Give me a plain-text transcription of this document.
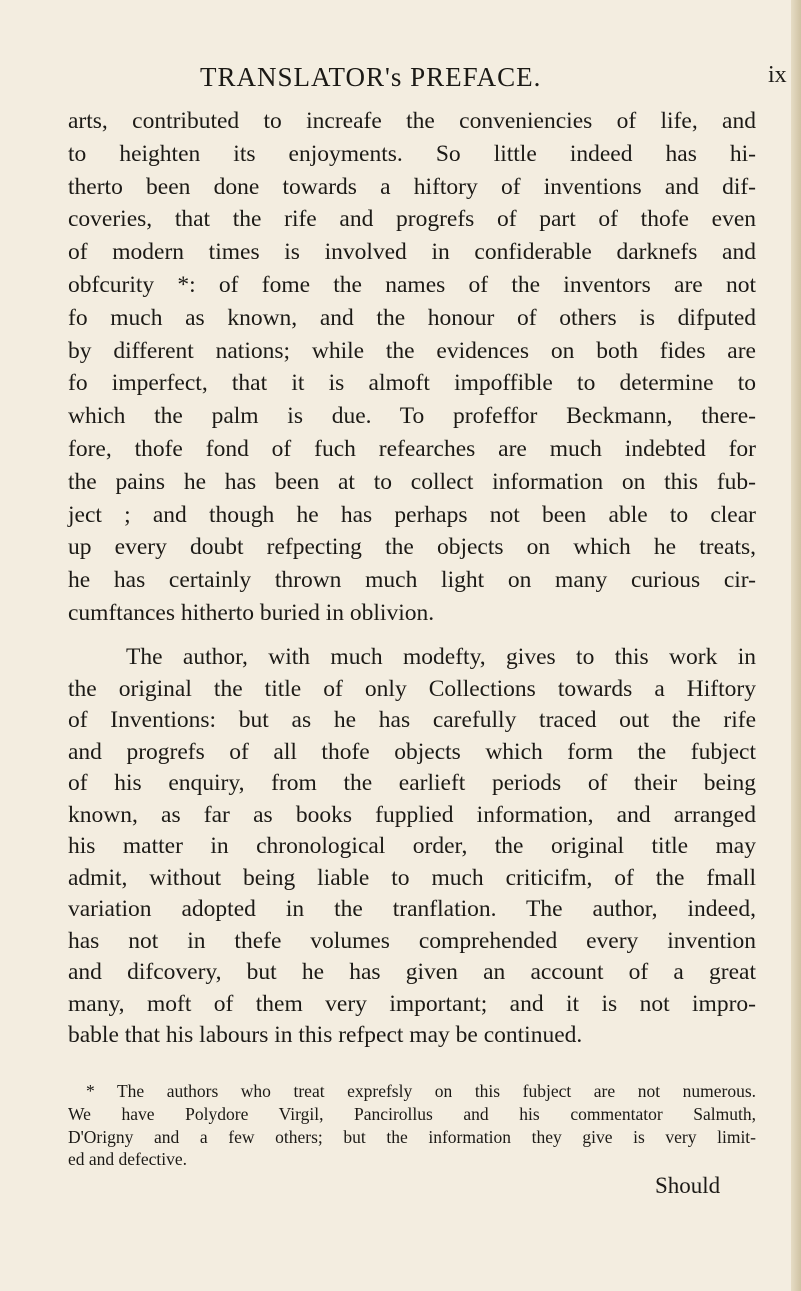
TRANSLATOR's PREFACE.	ix
arts, contributed to increafe the conveniencies of life, and
to heighten its enjoyments. So little indeed has hi-
therto been done towards a hiftory of inventions and dif-
coveries, that the rife and progrefs of part of thofe even
of modern times is involved in confiderable darknefs and
obfcurity *: of fome the names of the inventors are not
fo much as known, and the honour of others is difputed
by different nations; while the evidences on both fides are
fo imperfect, that it is almoft impoffible to determine to
which the palm is due. To profeffor Beckmann, there-
fore, thofe fond of fuch refearches are much indebted for
the pains he has been at to collect information on this fub-
ject ; and though he has perhaps not been able to clear
up every doubt refpecting the objects on which he treats,
he has certainly thrown much light on many curious cir-
cumftances hitherto buried in oblivion.
The author, with much modefty, gives to this work in
the original the title of only Collections towards a Hiftory
of Inventions: but as he has carefully traced out the rife
and progrefs of all thofe objects which form the fubject
of his enquiry, from the earlieft periods of their being
known, as far as books fupplied information, and arranged
his matter in chronological order, the original title may
admit, without being liable to much criticifm, of the fmall
variation adopted in the tranflation. The author, indeed,
has not in thefe volumes comprehended every invention
and difcovery, but he has given an account of a great
many, moft of them very important; and it is not impro-
bable that his labours in this refpect may be continued.
* The authors who treat exprefsly on this fubject are not numerous.
We have Polydore Virgil, Pancirollus and his commentator Salmuth,
D'Origny and a few others; but the information they give is very limit-
ed and defective.
Should
